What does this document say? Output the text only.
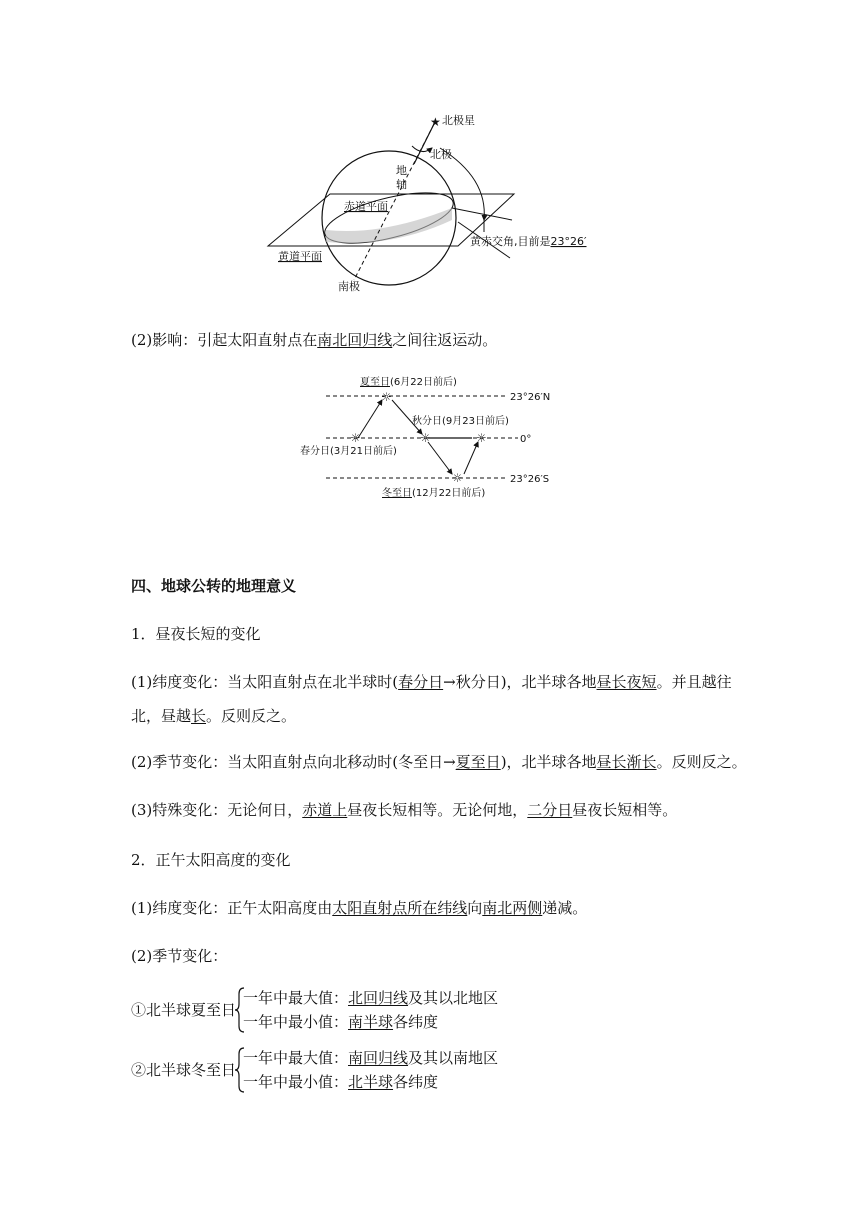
★ 北极星
北极
地
轴
赤道平面
黄道平面
南极
黄赤交角,目前是23°26′
(2)影响：引起太阳直射点在南北回归线之间往返运动。
23°26′N
0°
23°26′S
☼
☼	☼	☼
☼
夏至日(6月22日前后)
秋分日(9月23日前后)
春分日(3月21日前后)
冬至日(12月22日前后)
四、地球公转的地理意义
1．昼夜长短的变化
(1)纬度变化：当太阳直射点在北半球时(春分日→秋分日)，北半球各地昼长夜短。并且越往
北，昼越长。反则反之。
(2)季节变化：当太阳直射点向北移动时(冬至日→夏至日)，北半球各地昼长渐长。反则反之。
(3)特殊变化：无论何日，赤道上昼夜长短相等。无论何地，二分日昼夜长短相等。
2．正午太阳高度的变化
(1)纬度变化：正午太阳高度由太阳直射点所在纬线向南北两侧递减。
(2)季节变化：
①北半球夏至日
一年中最大值：北回归线及其以北地区
一年中最小值：南半球各纬度
②北半球冬至日
一年中最大值：南回归线及其以南地区
一年中最小值：北半球各纬度
